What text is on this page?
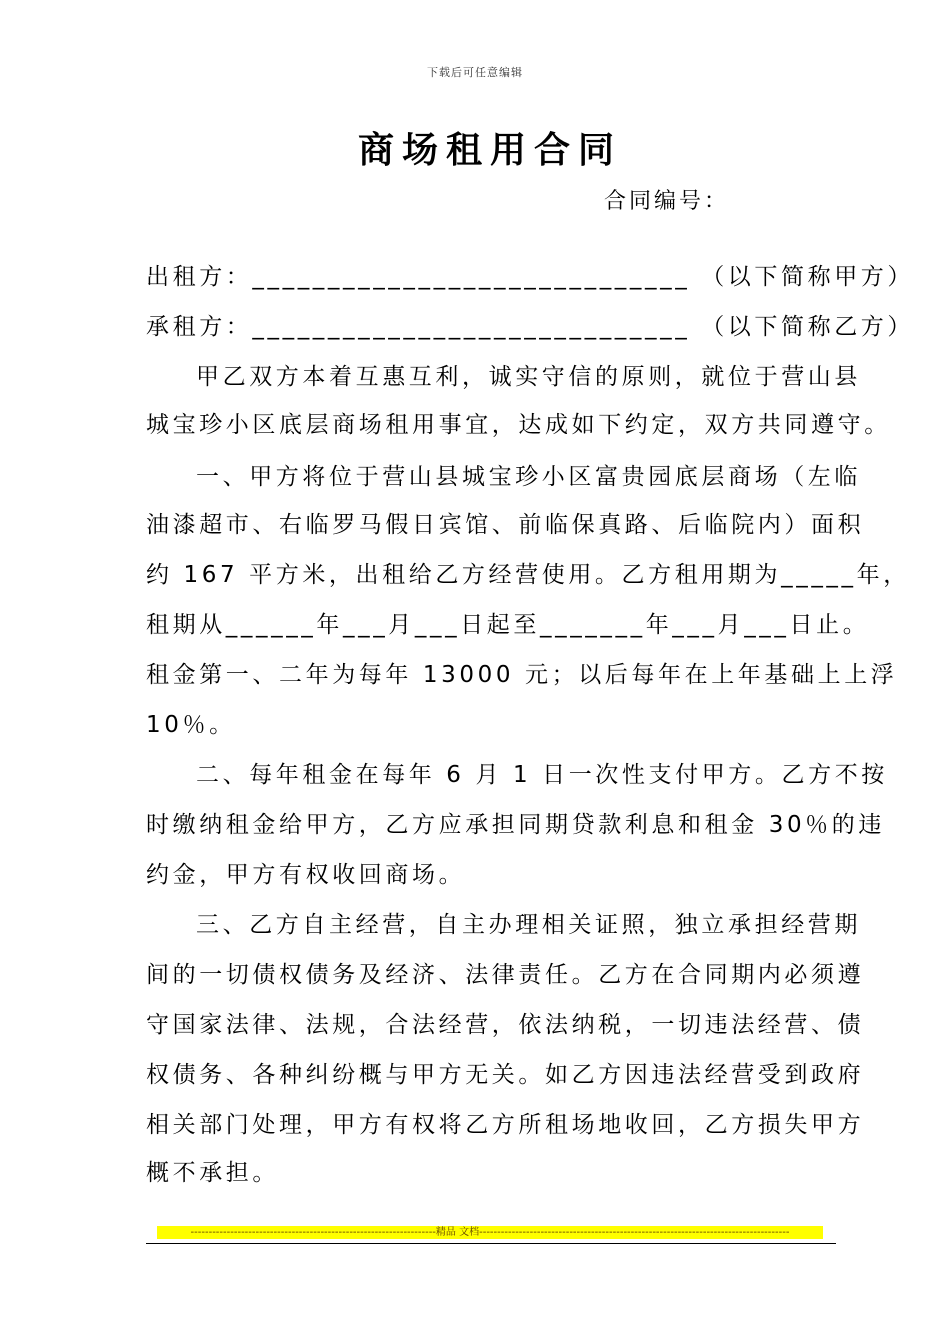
下载后可任意编辑
商场租用合同
合同编号：
出租方：_____________________________ （以下简称甲方）
承租方：_____________________________ （以下简称乙方）
甲乙双方本着互惠互利，诚实守信的原则，就位于营山县
城宝珍小区底层商场租用事宜，达成如下约定，双方共同遵守。
一、甲方将位于营山县城宝珍小区富贵园底层商场（左临
油漆超市、右临罗马假日宾馆、前临保真路、后临院内）面积
约 167 平方米，出租给乙方经营使用。乙方租用期为_____年，
租期从______年___月___日起至_______年___月___日止。
租金第一、二年为每年 13000 元；以后每年在上年基础上上浮
10％。
二、每年租金在每年 6 月 1 日一次性支付甲方。乙方不按
时缴纳租金给甲方，乙方应承担同期贷款利息和租金 30％的违
约金，甲方有权收回商场。
三、乙方自主经营，自主办理相关证照，独立承担经营期
间的一切债权债务及经济、法律责任。乙方在合同期内必须遵
守国家法律、法规，合法经营，依法纳税，一切违法经营、债
权债务、各种纠纷概与甲方无关。如乙方因违法经营受到政府
相关部门处理，甲方有权将乙方所租场地收回，乙方损失甲方
概不承担。
--------------------------------------------------------------------精品 文档--------------------------------------------------------------------------------------
